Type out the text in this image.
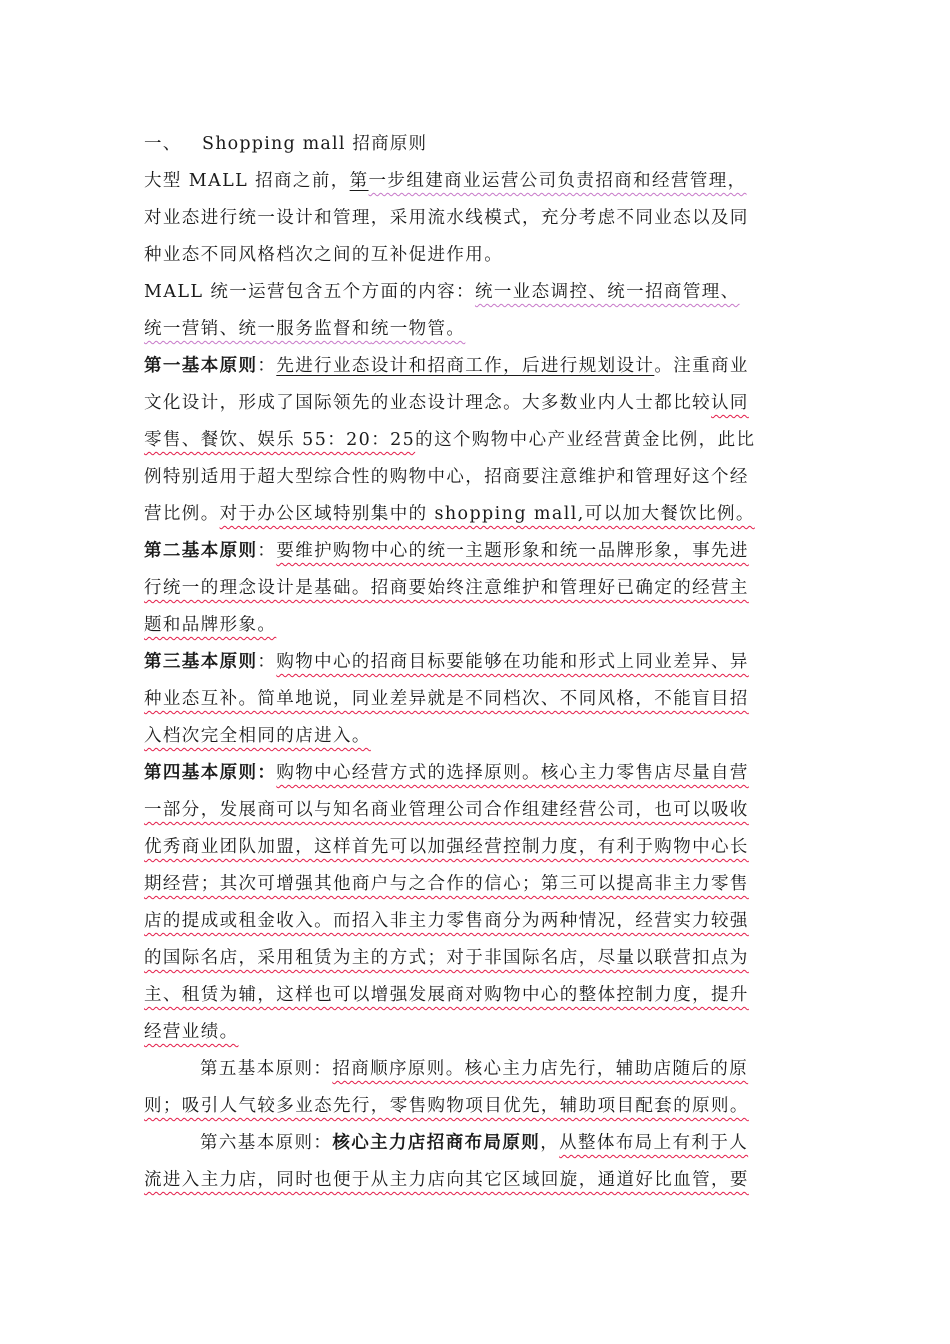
一、 Shopping mall 招商原则
大型 MALL 招商之前，第一步组建商业运营公司负责招商和经营管理，
对业态进行统一设计和管理，采用流水线模式，充分考虑不同业态以及同
种业态不同风格档次之间的互补促进作用。
MALL 统一运营包含五个方面的内容：统一业态调控、统一招商管理、
统一营销、统一服务监督和统一物管。
第一基本原则：先进行业态设计和招商工作，后进行规划设计。注重商业
文化设计，形成了国际领先的业态设计理念。大多数业内人士都比较认同
零售、餐饮、娱乐 55：20：25的这个购物中心产业经营黄金比例，此比
例特别适用于超大型综合性的购物中心，招商要注意维护和管理好这个经
营比例。对于办公区域特别集中的 shopping mall,可以加大餐饮比例。
第二基本原则：要维护购物中心的统一主题形象和统一品牌形象，事先进
行统一的理念设计是基础。招商要始终注意维护和管理好已确定的经营主
题和品牌形象。
第三基本原则：购物中心的招商目标要能够在功能和形式上同业差异、异
种业态互补。简单地说，同业差异就是不同档次、不同风格，不能盲目招
入档次完全相同的店进入。
第四基本原则：购物中心经营方式的选择原则。核心主力零售店尽量自营
一部分，发展商可以与知名商业管理公司合作组建经营公司，也可以吸收
优秀商业团队加盟，这样首先可以加强经营控制力度，有利于购物中心长
期经营；其次可增强其他商户与之合作的信心；第三可以提高非主力零售
店的提成或租金收入。而招入非主力零售商分为两种情况，经营实力较强
的国际名店，采用租赁为主的方式；对于非国际名店，尽量以联营扣点为
主、租赁为辅，这样也可以增强发展商对购物中心的整体控制力度，提升
经营业绩。
第五基本原则：招商顺序原则。核心主力店先行，辅助店随后的原
则；吸引人气较多业态先行，零售购物项目优先，辅助项目配套的原则。
第六基本原则：核心主力店招商布局原则，从整体布局上有利于人
流进入主力店，同时也便于从主力店向其它区域回旋，通道好比血管，要
